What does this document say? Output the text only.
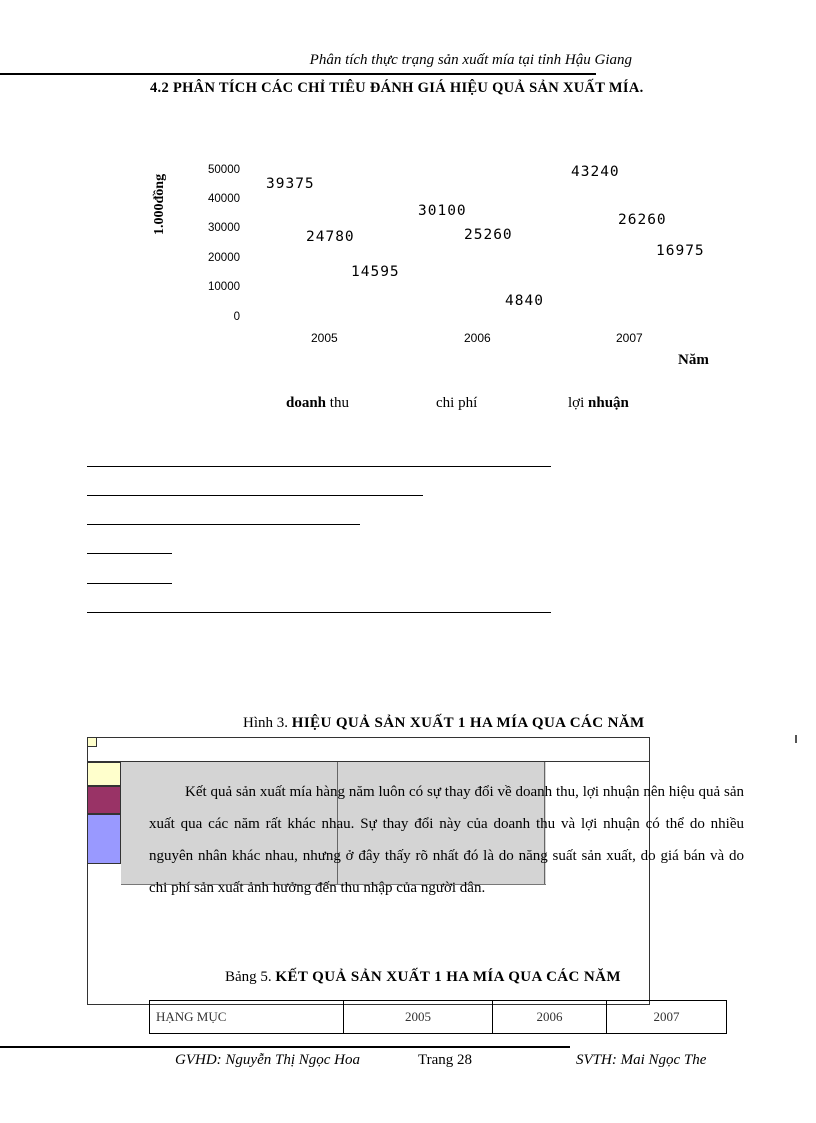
Phân tích thực trạng sản xuất mía tại tỉnh Hậu Giang
4.2 PHÂN TÍCH CÁC CHỈ TIÊU ĐÁNH GIÁ HIỆU QUẢ SẢN XUẤT MÍA.
1.000đồng
50000
40000
30000
20000
10000
0
2005	2006	2007
39375
24780
14595
30100
25260
4840
43240
26260
16975
Năm
doanh thu	chi phí	lợi nhuận
Hình 3. HIỆU QUẢ SẢN XUẤT 1 HA MÍA QUA CÁC NĂM
Kết quả sản xuất mía hàng năm luôn có sự thay đổi về doanh thu, lợi nhuận nên hiệu quả sản xuất qua các năm rất khác nhau. Sự thay đổi này của doanh thu và lợi nhuận có thể do nhiều nguyên nhân khác nhau, nhưng ở đây thấy rõ nhất đó là do năng suất sản xuất, do giá bán và do chi phí sản xuất ảnh hưởng đến thu nhập của người dân.
Bảng 5. KẾT QUẢ SẢN XUẤT 1 HA MÍA QUA CÁC NĂM
HẠNG MỤC	2005	2006	2007
GVHD: Nguyễn Thị Ngọc Hoa	Trang 28	SVTH: Mai Ngọc The
